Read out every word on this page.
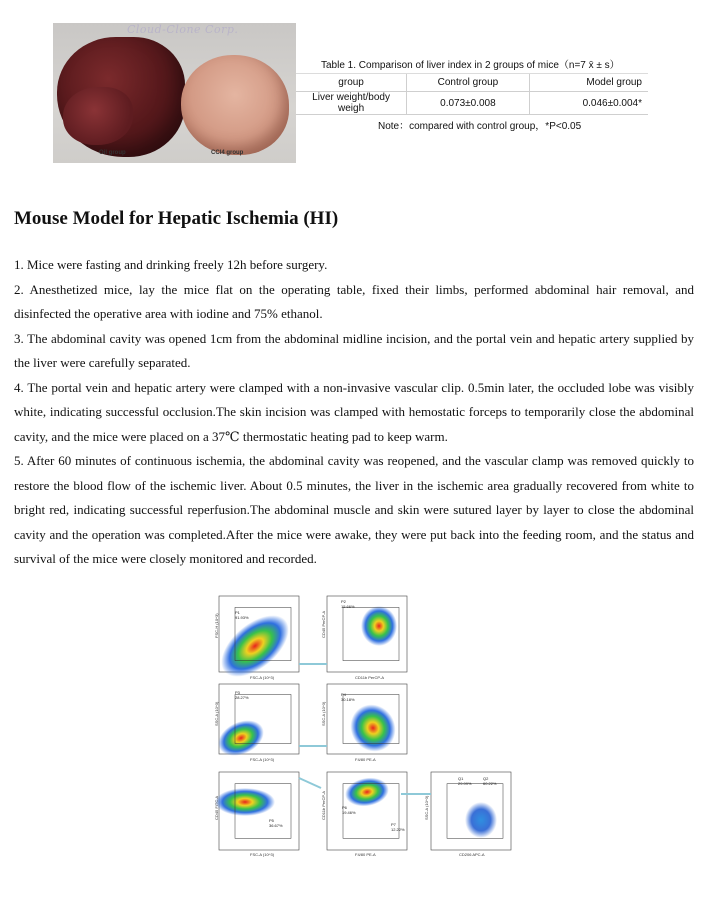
Cloud-Clone Corp.
Oil group	CCl4 group
Table 1. Comparison of liver index in 2 groups of mice（n=7 x̄ ± s）
group	Control group	Model group
Liver weight/body weigh	0.073±0.008	0.046±0.004*
Note：compared with control group，*P<0.05
Mouse Model for Hepatic Ischemia (HI)

1. Mice were fasting and drinking freely 12h before surgery.

2. Anesthetized mice, lay the mice flat on the operating table, fixed their limbs, performed abdominal hair removal, and disinfected the operative area with iodine and 75% ethanol.

3. The abdominal cavity was opened 1cm from the abdominal midline incision, and the portal vein and hepatic artery supplied by the liver were carefully separated.

4. The portal vein and hepatic artery were clamped with a non-invasive vascular clip. 0.5min later, the occluded lobe was visibly white, indicating successful occlusion.The skin incision was clamped with hemostatic forceps to temporarily close the abdominal cavity, and the mice were placed on a 37℃ thermostatic heating pad to keep warm.

5. After 60 minutes of continuous ischemia, the abdominal cavity was reopened, and the vascular clamp was removed quickly to restore the blood flow of the ischemic liver. About 0.5 minutes, the liver in the ischemic area gradually recovered from white to bright red, indicating successful reperfusion.The abdominal muscle and skin were sutured layer by layer to close the abdominal cavity and the operation was completed.After the mice were awake, they were put back into the feeding room, and the status and survival of the mice were closely monitored and recorded.

P1
91.93%
P2
15.66%
P3
28.27%
P4
30.18%
P5
36.67%
P6
19.46%
P7
12.22%
Q1
29.99%
Q2
60.22%
FSC-A (10^3)	CD11b PerCP-A
FSC-A (10^3)	F4/80 PE-A
FSC-A (10^3)	F4/80 PE-A	CD206 APC-A
FSC-H (10^3)	CD45 PerCP-A
SSC-A (10^3)	SSC-A (10^3)
CD45 FITC-A	CD11b PerCP-A	SSC-A (10^3)
